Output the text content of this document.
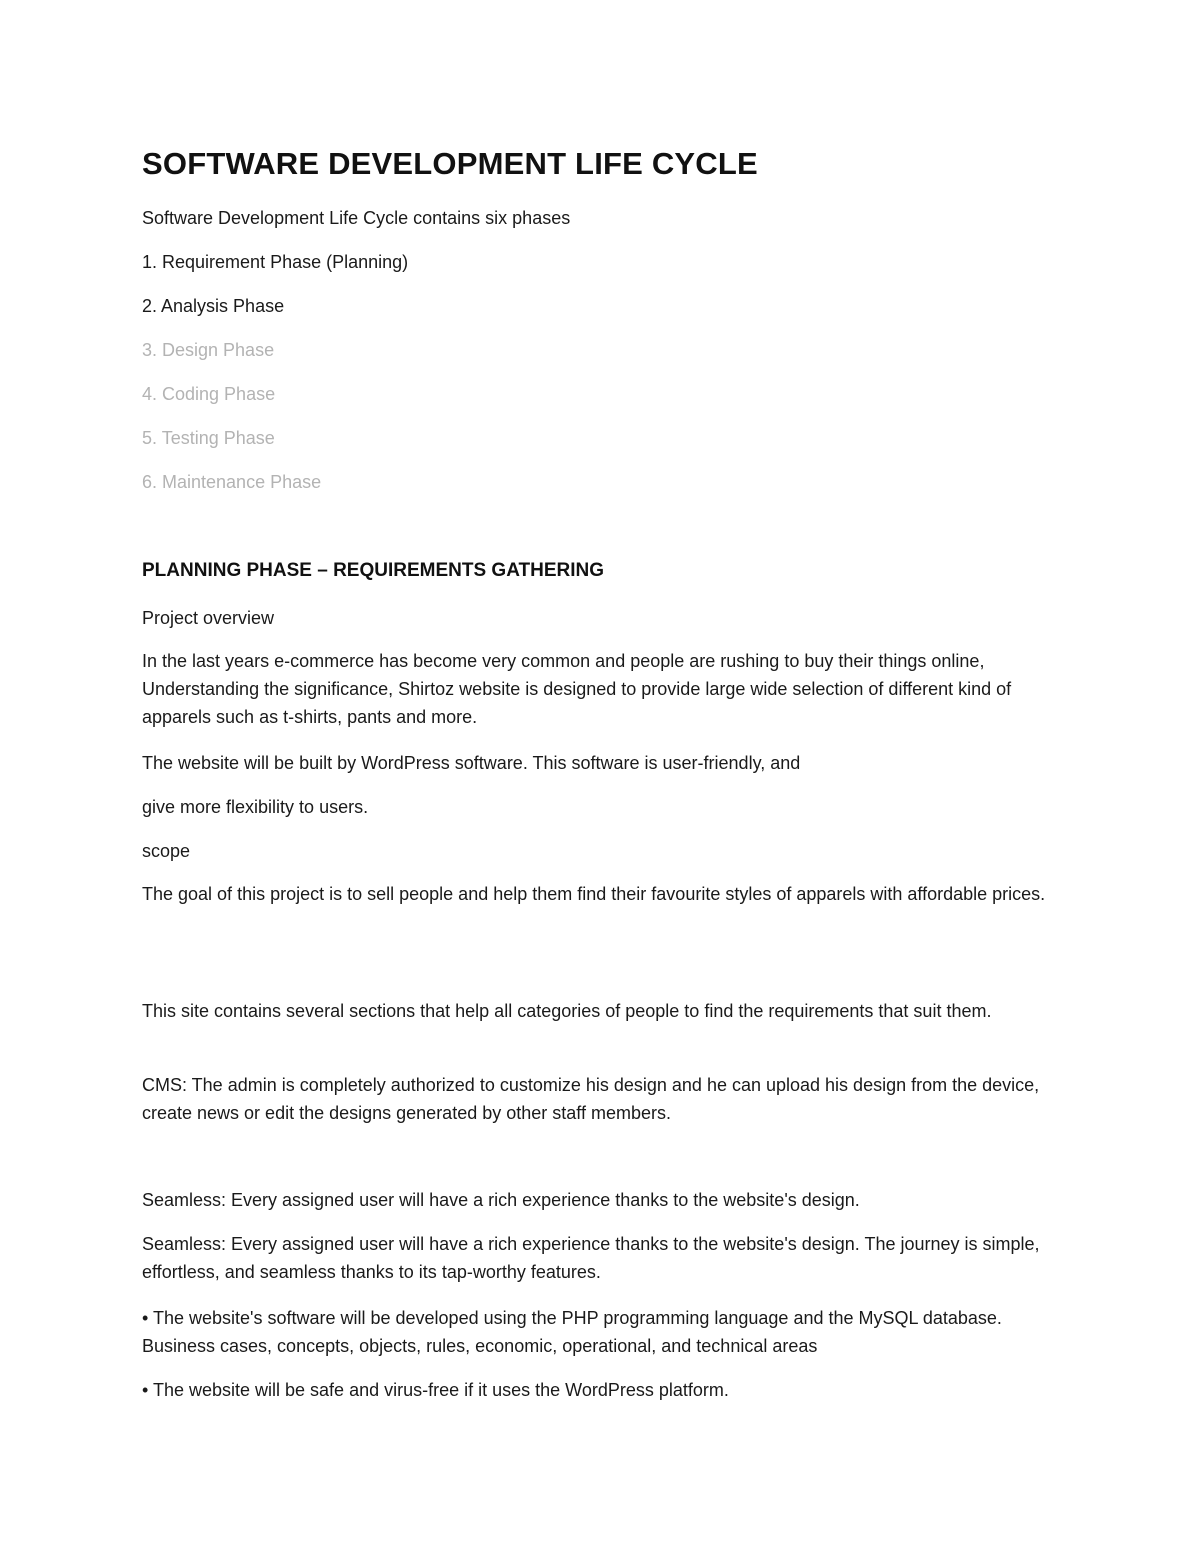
SOFTWARE DEVELOPMENT LIFE CYCLE

Software Development Life Cycle contains six phases

1. Requirement Phase (Planning)

2. Analysis Phase

3. Design Phase

4. Coding Phase

5. Testing Phase

6. Maintenance Phase

PLANNING PHASE – REQUIREMENTS GATHERING

Project overview

In the last years e-commerce has become very common and people are rushing to buy their things online, Understanding the significance, Shirtoz website is designed to provide large wide selection of different kind of apparels such as t-shirts, pants and more.

The website will be built by WordPress software. This software is user-friendly, and

give more flexibility to users.

scope

The goal of this project is to sell people and help them find their favourite styles of apparels with affordable prices.

This site contains several sections that help all categories of people to find the requirements that suit them.

CMS: The admin is completely authorized to customize his design and he can upload his design from the device, create news or edit the designs generated by other staff members.

Seamless: Every assigned user will have a rich experience thanks to the website's design.

Seamless: Every assigned user will have a rich experience thanks to the website's design. The journey is simple, effortless, and seamless thanks to its tap-worthy features.

• The website's software will be developed using the PHP programming language and the MySQL database. Business cases, concepts, objects, rules, economic, operational, and technical areas

• The website will be safe and virus-free if it uses the WordPress platform.
